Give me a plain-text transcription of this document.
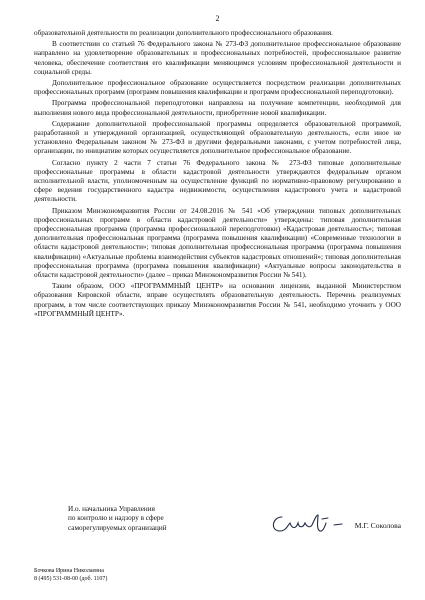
2

образовательной деятельности по реализации дополнительного профессионального образования.

В соответствии со статьей 76 Федерального закона № 273-ФЗ дополнительное профессиональное образование направлено на удовлетворение образовательных и профессиональных потребностей, профессиональное развитие человека, обеспечение соответствия его квалификации меняющимся условиям профессиональной деятельности и социальной среды.

Дополнительное профессиональное образование осуществляется посредством реализации дополнительных профессиональных программ (программ повышения квалификации и программ профессиональной переподготовки).

Программа профессиональной переподготовки направлена на получение компетенции, необходимой для выполнения нового вида профессиональной деятельности, приобретение новой квалификации.

Содержание дополнительной профессиональной программы определяется образовательной программой, разработанной и утвержденной организацией, осуществляющей образовательную деятельность, если иное не установлено Федеральным законом № 273-ФЗ и другими федеральными законами, с учетом потребностей лица, организации, по инициативе которых осуществляется дополнительное профессиональное образование.

Согласно пункту 2 части 7 статьи 76 Федерального закона № 273-ФЗ типовые дополнительные профессиональные программы в области кадастровой деятельности утверждаются федеральным органом исполнительной власти, уполномоченным на осуществление функций по нормативно-правовому регулированию в сфере ведения государственного кадастра недвижимости, осуществления кадастрового учета и кадастровой деятельности.

Приказом Минэкономразвития России от 24.08.2016 № 541 «Об утверждении типовых дополнительных профессиональных программ в области кадастровой деятельности» утверждены: типовая дополнительная профессиональная программа (программа профессиональной переподготовки) «Кадастровая деятельность»; типовая дополнительная профессиональная программа (программа повышения квалификации) «Современные технологии в области кадастровой деятельности»; типовая дополнительная профессиональная программа (программа повышения квалификации) «Актуальные проблемы взаимодействия субъектов кадастровых отношений»; типовая дополнительная профессиональная программа (программа повышения квалификации) «Актуальные вопросы законодательства в области кадастровой деятельности» (далее – приказ Минэкономразвития России № 541).

Таким образом, ООО «ПРОГРАММНЫЙ ЦЕНТР» на основании лицензии, выданной Министерством образования Кировской области, вправе осуществлять образовательную деятельность. Перечень реализуемых программ, в том числе соответствующих приказу Минэкономразвития России № 541, необходимо уточнить у ООО «ПРОГРАММНЫЙ ЦЕНТР».

И.о. начальника Управления
по контролю и надзору в сфере
саморегулируемых организаций	М.Г. Соколова
Бочкова Ирина Николаевна
8 (495) 531-08-00 (доб. 1107)
